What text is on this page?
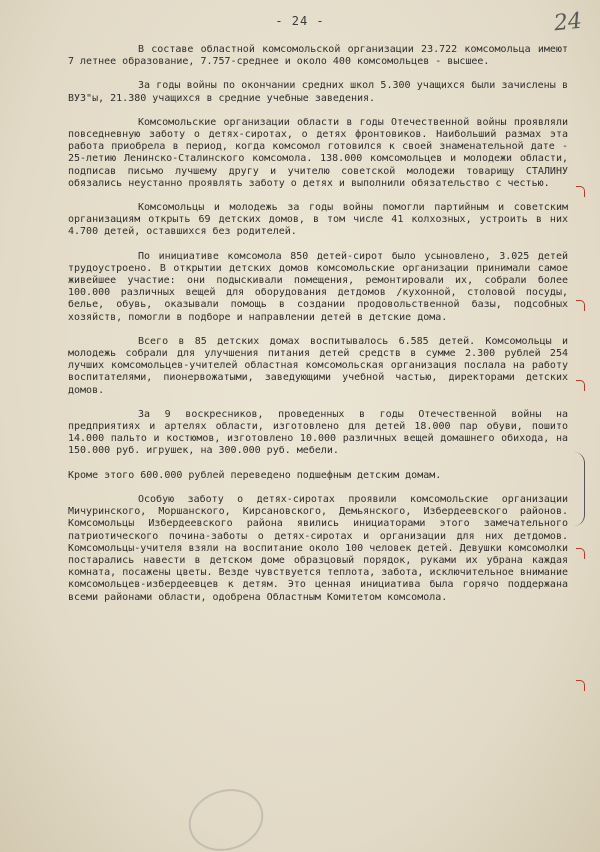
- 24 -	24

В составе областной комсомольской организации 23.722 комсомольца имеют 7 летнее образование, 7.757-среднее и около 400 комсомольцев - высшее.

За годы войны по окончании средних школ 5.300 учащихся были зачислены в ВУЗ"ы, 21.380 учащихся в средние учебные заведения.

Комсомольские организации области в годы Отечественной войны проявляли повседневную заботу о детях-сиротах, о детях фронтовиков. Наибольший размах эта работа приобрела в период, когда комсомол готовился к своей знаменательной дате - 25-летию Ленинско-Сталинского комсомола. 138.000 комсомольцев и молодежи области, подписав письмо лучшему другу и учителю советской молодежи товарищу СТАЛИНУ обязались неустанно проявлять заботу о детях и выполнили обязательство с честью.

Комсомольцы и молодежь за годы войны помогли партийным и советским организациям открыть 69 детских домов, в том числе 41 колхозных, устроить в них 4.700 детей, оставшихся без родителей.

По инициативе комсомола 850 детей-сирот было усыновлено, 3.025 детей трудоустроено. В открытии детских домов комсомольские организации принимали самое живейшее участие: они подыскивали помещения, ремонтировали их, собрали более 100.000 различных вещей для оборудования детдомов /кухонной, столовой посуды, белье, обувь, оказывали помощь в создании продовольственной базы, подсобных хозяйств, помогли в подборе и направлении детей в детские дома.

Всего в 85 детских домах воспитывалось 6.585 детей. Комсомольцы и молодежь собрали для улучшения питания детей средств в сумме 2.300 рублей 254 лучших комсомольцев-учителей областная комсомольская организация послала на работу воспитателями, пионервожатыми, заведующими учебной частью, директорами детских домов.

За 9 воскресников, проведенных в годы Отечественной войны на предприятиях и артелях области, изготовлено для детей 18.000 пар обуви, пошито 14.000 пальто и костюмов, изготовлено 10.000 различных вещей домашнего обихода, на 150.000 руб. игрушек, на 300.000 руб. мебели.

Кроме этого 600.000 рублей переведено подшефным детским домам.

Особую заботу о детях-сиротах проявили комсомольские организации Мичуринского, Моршанского, Кирсановского, Демьянского, Избердеевского районов. Комсомольцы Избердеевского района явились инициаторами этого замечательного патриотического почина-заботы о детях-сиротах и организации для них детдомов. Комсомольцы-учителя взяли на воспитание около 100 человек детей. Девушки комсомолки постарались навести в детском доме образцовый порядок, руками их убрана каждая комната, посажены цветы. Везде чувствуется теплота, забота, исключительное внимание комсомольцев-избердеевцев к детям. Это ценная инициатива была горячо поддержана всеми районами области, одобрена Областным Комитетом комсомола.
